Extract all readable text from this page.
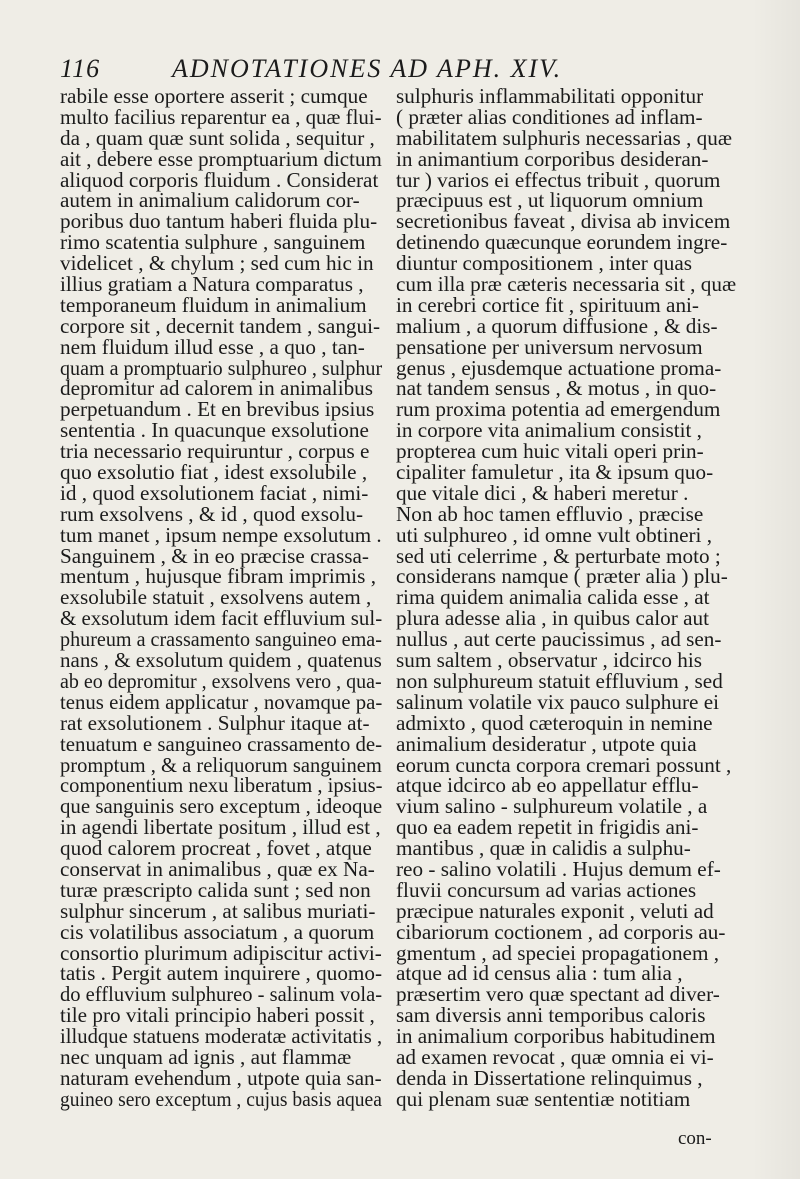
116	ADNOTATIONES AD APH. XIV.
rabile esse oportere asserit ; cumque
multo facilius reparentur ea , quæ flui-
da , quam quæ sunt solida , sequitur ,
ait , debere esse promptuarium dictum
aliquod corporis fluidum . Considerat
autem in animalium calidorum cor-
poribus duo tantum haberi fluida plu-
rimo scatentia sulphure , sanguinem
videlicet , & chylum ; sed cum hic in
illius gratiam a Natura comparatus ,
temporaneum fluidum in animalium
corpore sit , decernit tandem , sangui-
nem fluidum illud esse , a quo , tan-
quam a promptuario sulphureo , sulphur
depromitur ad calorem in animalibus
perpetuandum . Et en brevibus ipsius
sententia . In quacunque exsolutione
tria necessario requiruntur , corpus e
quo exsolutio fiat , idest exsolubile ,
id , quod exsolutionem faciat , nimi-
rum exsolvens , & id , quod exsolu-
tum manet , ipsum nempe exsolutum .
Sanguinem , & in eo præcise crassa-
mentum , hujusque fibram imprimis ,
exsolubile statuit , exsolvens autem ,
& exsolutum idem facit effluvium sul-
phureum a crassamento sanguineo ema-
nans , & exsolutum quidem , quatenus
ab eo depromitur , exsolvens vero , qua-
tenus eidem applicatur , novamque pa-
rat exsolutionem . Sulphur itaque at-
tenuatum e sanguineo crassamento de-
promptum , & a reliquorum sanguinem
componentium nexu liberatum , ipsius-
que sanguinis sero exceptum , ideoque
in agendi libertate positum , illud est ,
quod calorem procreat , fovet , atque
conservat in animalibus , quæ ex Na-
turæ præscripto calida sunt ; sed non
sulphur sincerum , at salibus muriati-
cis volatilibus associatum , a quorum
consortio plurimum adipiscitur activi-
tatis . Pergit autem inquirere , quomo-
do effluvium sulphureo - salinum vola-
tile pro vitali principio haberi possit ,
illudque statuens moderatæ activitatis ,
nec unquam ad ignis , aut flammæ
naturam evehendum , utpote quia san-
guineo sero exceptum , cujus basis aquea
sulphuris inflammabilitati opponitur
( præter alias conditiones ad inflam-
mabilitatem sulphuris necessarias , quæ
in animantium corporibus desideran-
tur ) varios ei effectus tribuit , quorum
præcipuus est , ut liquorum omnium
secretionibus faveat , divisa ab invicem
detinendo quæcunque eorundem ingre-
diuntur compositionem , inter quas
cum illa præ cæteris necessaria sit , quæ
in cerebri cortice fit , spirituum ani-
malium , a quorum diffusione , & dis-
pensatione per universum nervosum
genus , ejusdemque actuatione proma-
nat tandem sensus , & motus , in quo-
rum proxima potentia ad emergendum
in corpore vita animalium consistit ,
propterea cum huic vitali operi prin-
cipaliter famuletur , ita & ipsum quo-
que vitale dici , & haberi meretur .
Non ab hoc tamen effluvio , præcise
uti sulphureo , id omne vult obtineri ,
sed uti celerrime , & perturbate moto ;
considerans namque ( præter alia ) plu-
rima quidem animalia calida esse , at
plura adesse alia , in quibus calor aut
nullus , aut certe paucissimus , ad sen-
sum saltem , observatur , idcirco his
non sulphureum statuit effluvium , sed
salinum volatile vix pauco sulphure ei
admixto , quod cæteroquin in nemine
animalium desideratur , utpote quia
eorum cuncta corpora cremari possunt ,
atque idcirco ab eo appellatur efflu-
vium salino - sulphureum volatile , a
quo ea eadem repetit in frigidis ani-
mantibus , quæ in calidis a sulphu-
reo - salino volatili . Hujus demum ef-
fluvii concursum ad varias actiones
præcipue naturales exponit , veluti ad
cibariorum coctionem , ad corporis au-
gmentum , ad speciei propagationem ,
atque ad id census alia : tum alia ,
præsertim vero quæ spectant ad diver-
sam diversis anni temporibus caloris
in animalium corporibus habitudinem
ad examen revocat , quæ omnia ei vi-
denda in Dissertatione relinquimus ,
qui plenam suæ sententiæ notitiam
con-
